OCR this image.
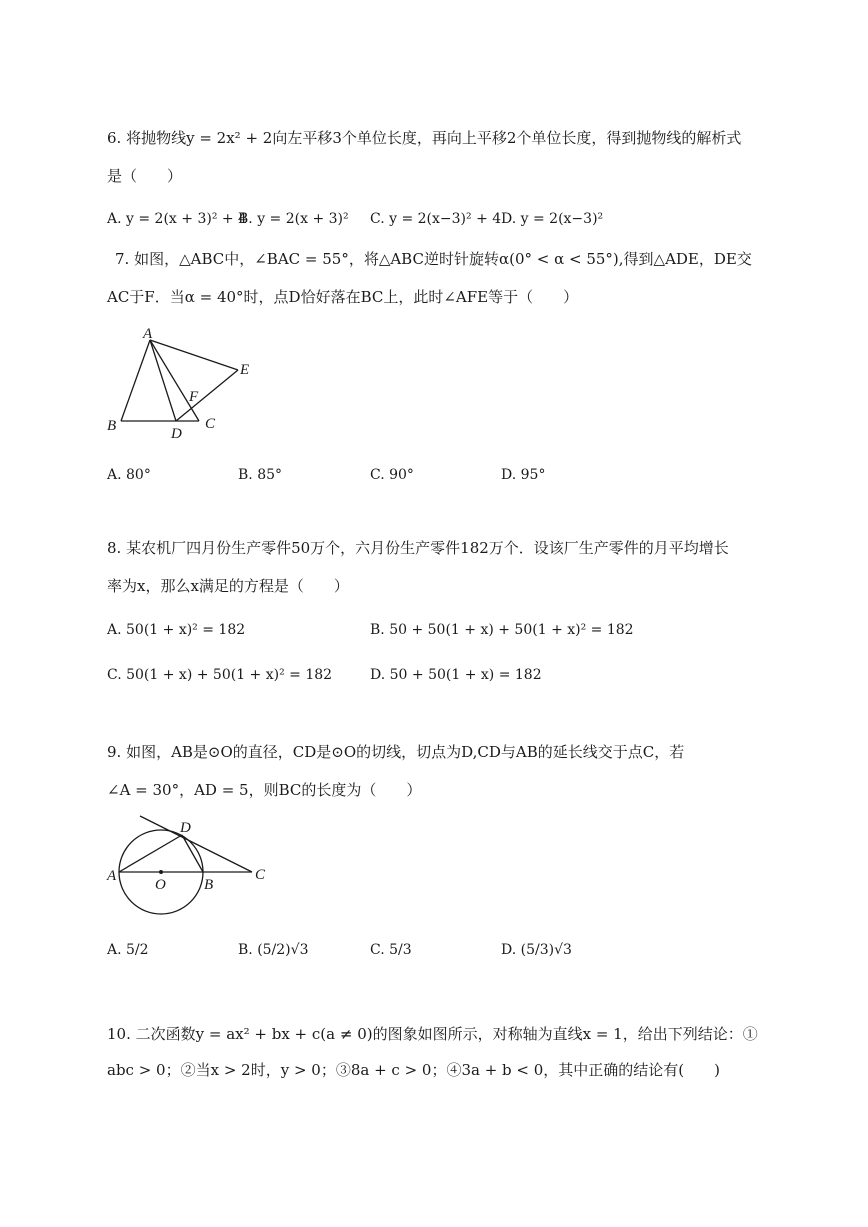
6. 将抛物线y = 2x² + 2向左平移3个单位长度，再向上平移2个单位长度，得到抛物线的解析式
是（　　）
A. y = 2(x + 3)² + 4
B. y = 2(x + 3)² C. y = 2(x−3)² + 4 D. y = 2(x−3)²
7. 如图，△ABC中，∠BAC = 55°，将△ABC逆时针旋转α(0° < α < 55°),得到△ADE，DE交
AC于F．当α = 40°时，点D恰好落在BC上，此时∠AFE等于（　　）
A
B	C
D
E
F
A. 80°	B. 85°	C. 90°	D. 95°
8. 某农机厂四月份生产零件50万个，六月份生产零件182万个．设该厂生产零件的月平均增长
率为x，那么x满足的方程是（　　）
A. 50(1 + x)² = 182	B. 50 + 50(1 + x) + 50(1 + x)² = 182
C. 50(1 + x) + 50(1 + x)² = 182	D. 50 + 50(1 + x) = 182
9. 如图，AB是⊙O的直径，CD是⊙O的切线，切点为D,CD与AB的延长线交于点C，若
∠A = 30°，AD = 5，则BC的长度为（　　）
A
O	B
C
D
A. 5/2	B. (5/2)√3	C. 5/3	D. (5/3)√3
10. 二次函数y = ax² + bx + c(a ≠ 0)的图象如图所示，对称轴为直线x = 1，给出下列结论：①
abc > 0；②当x > 2时，y > 0；③8a + c > 0；④3a + b < 0，其中正确的结论有(　　)
